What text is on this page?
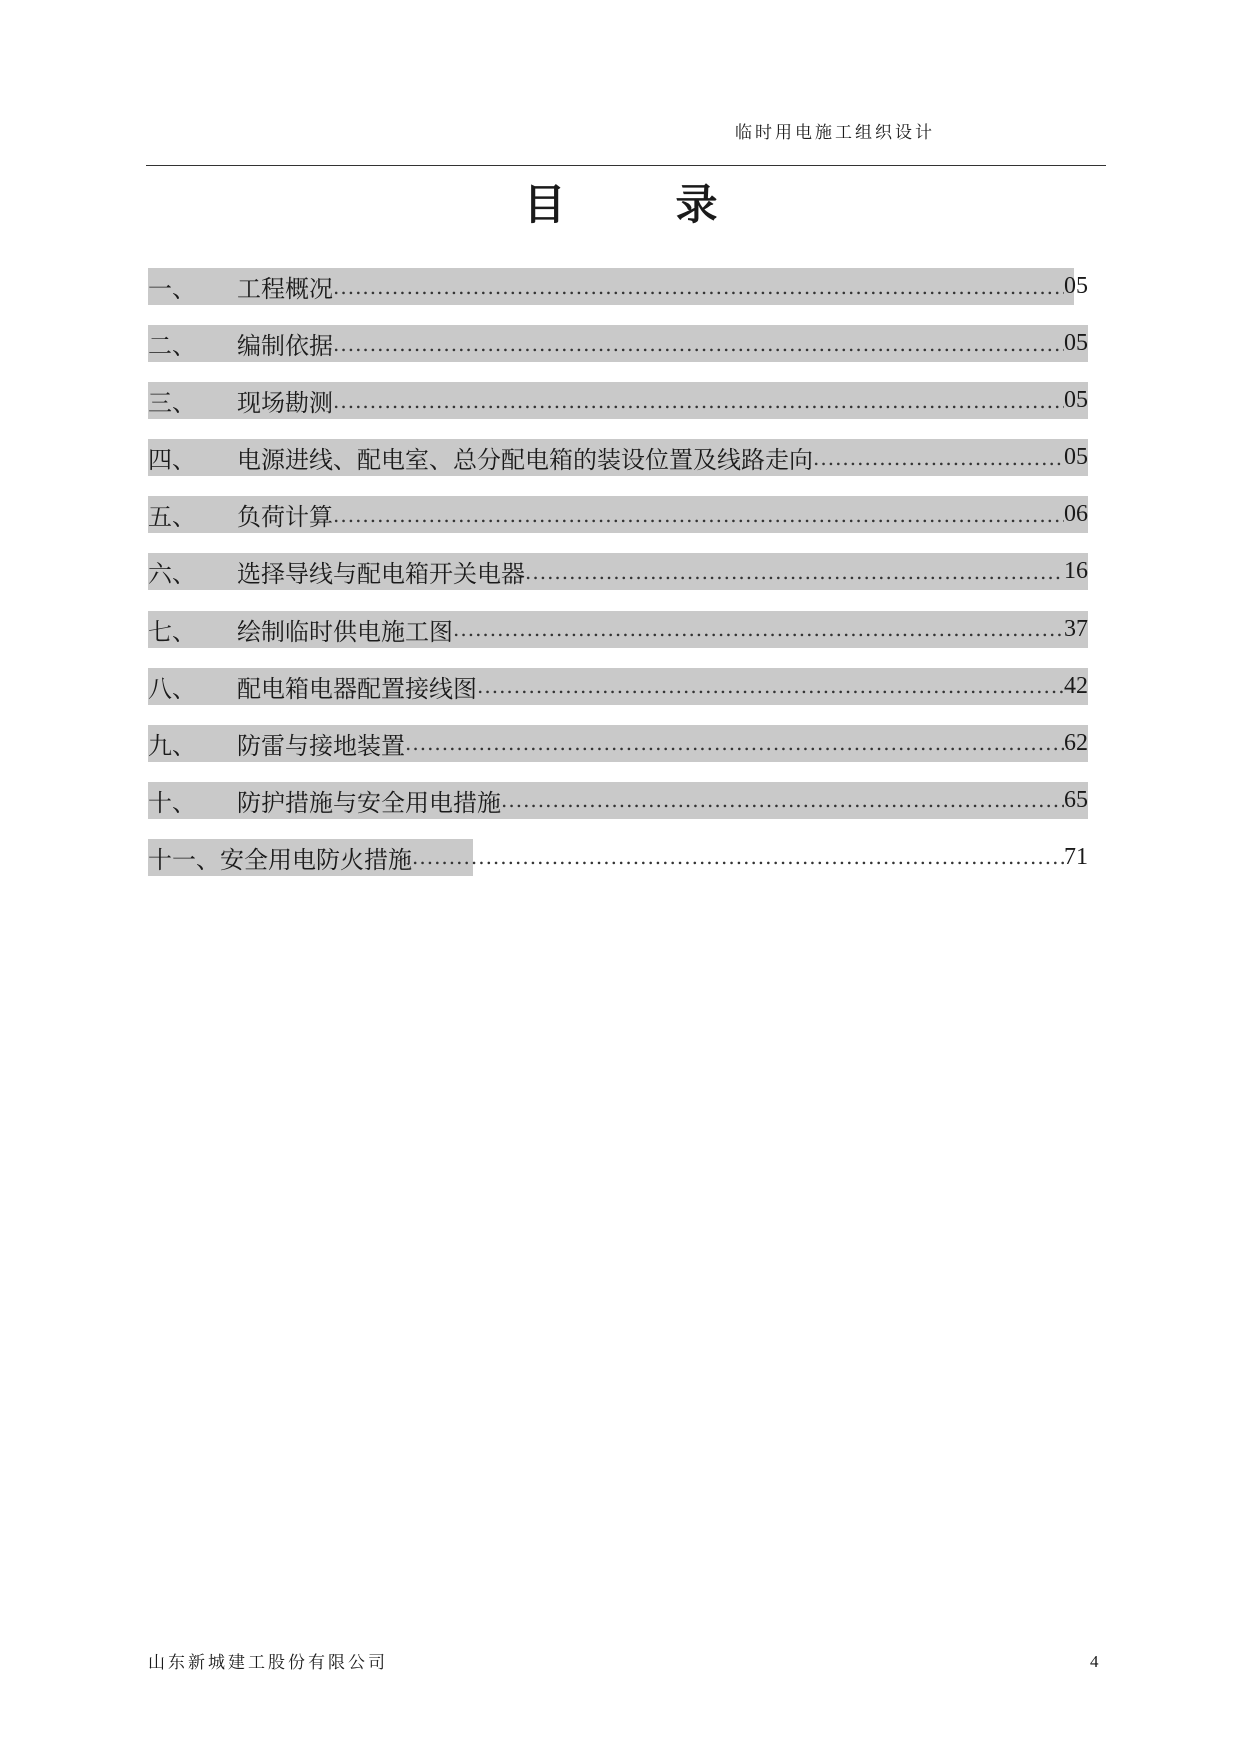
临时用电施工组织设计
目录
一、	工程概况 .....	05
二、	编制依据 .....	05
三、	现场勘测 .....	05
四、	电源进线、配电室、总分配电箱的装设位置及线路走向 .....	05
五、	负荷计算 .....	06
六、	选择导线与配电箱开关电器 .....	16
七、	绘制临时供电施工图 .....	37
八、	配电箱电器配置接线图 .....	42
九、	防雷与接地装置 .....	62
十、	防护措施与安全用电措施 .....	65
十一、 安全用电防火措施 .....	71
山东新城建工股份有限公司	4
